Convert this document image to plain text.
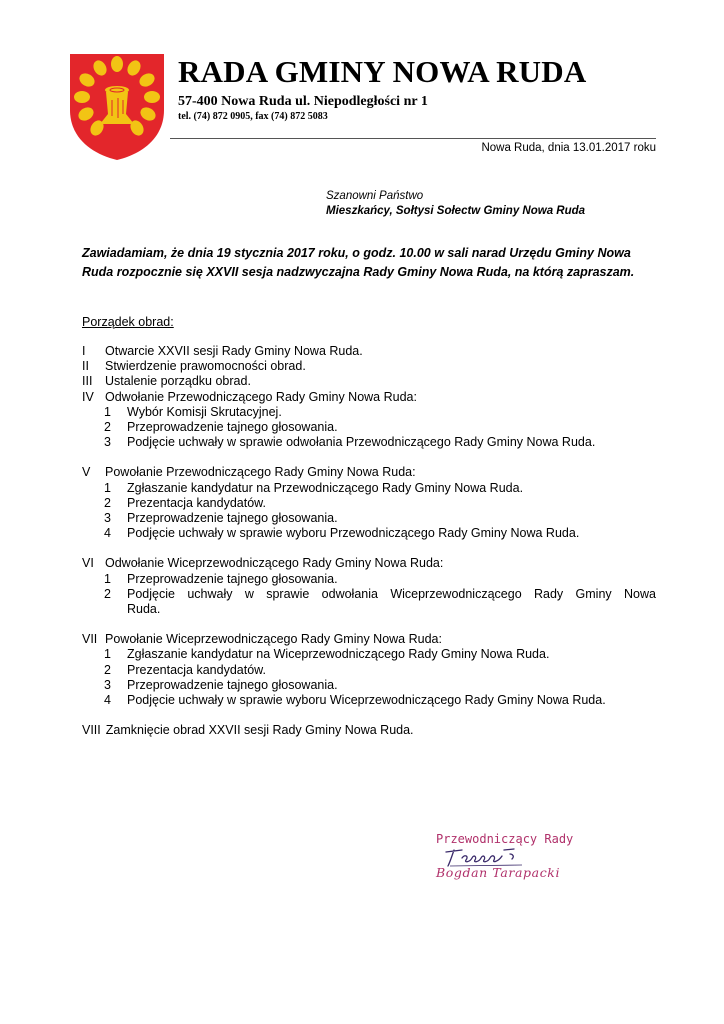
RADA GMINY NOWA RUDA
57-400 Nowa Ruda ul. Niepodległości nr 1
tel. (74) 872 0905, fax (74) 872 5083
Nowa Ruda, dnia 13.01.2017 roku
Szanowni Państwo
Mieszkańcy, Sołtysi Sołectw Gminy Nowa Ruda
Zawiadamiam, że dnia 19 stycznia 2017 roku, o godz. 10.00 w sali narad Urzędu Gminy Nowa Ruda rozpocznie się XXVII sesja nadzwyczajna Rady Gminy Nowa Ruda, na którą zapraszam.
Porządek obrad:
I	Otwarcie XXVII sesji Rady Gminy Nowa Ruda.
II	Stwierdzenie prawomocności obrad.
III	Ustalenie porządku obrad.
IV Odwołanie Przewodniczącego Rady Gminy Nowa Ruda:
1	Wybór Komisji Skrutacyjnej.
2	Przeprowadzenie tajnego głosowania.
3	Podjęcie uchwały w sprawie odwołania Przewodniczącego Rady Gminy Nowa Ruda.
V	Powołanie Przewodniczącego Rady Gminy Nowa Ruda:
1	Zgłaszanie kandydatur na Przewodniczącego Rady Gminy Nowa Ruda.
2	Prezentacja kandydatów.
3	Przeprowadzenie tajnego głosowania.
4	Podjęcie uchwały w sprawie wyboru Przewodniczącego Rady Gminy Nowa Ruda.
VI Odwołanie Wiceprzewodniczącego Rady Gminy Nowa Ruda:
1	Przeprowadzenie tajnego głosowania.
2	Podjęcie uchwały w sprawie odwołania Wiceprzewodniczącego Rady Gminy Nowa
Ruda.
VII Powołanie Wiceprzewodniczącego Rady Gminy Nowa Ruda:
1	Zgłaszanie kandydatur na Wiceprzewodniczącego Rady Gminy Nowa Ruda.
2	Prezentacja kandydatów.
3	Przeprowadzenie tajnego głosowania.
4	Podjęcie uchwały w sprawie wyboru Wiceprzewodniczącego Rady Gminy Nowa Ruda.
VIII Zamknięcie obrad XXVII sesji Rady Gminy Nowa Ruda.
Przewodniczący Rady
Bogdan Tarapacki
